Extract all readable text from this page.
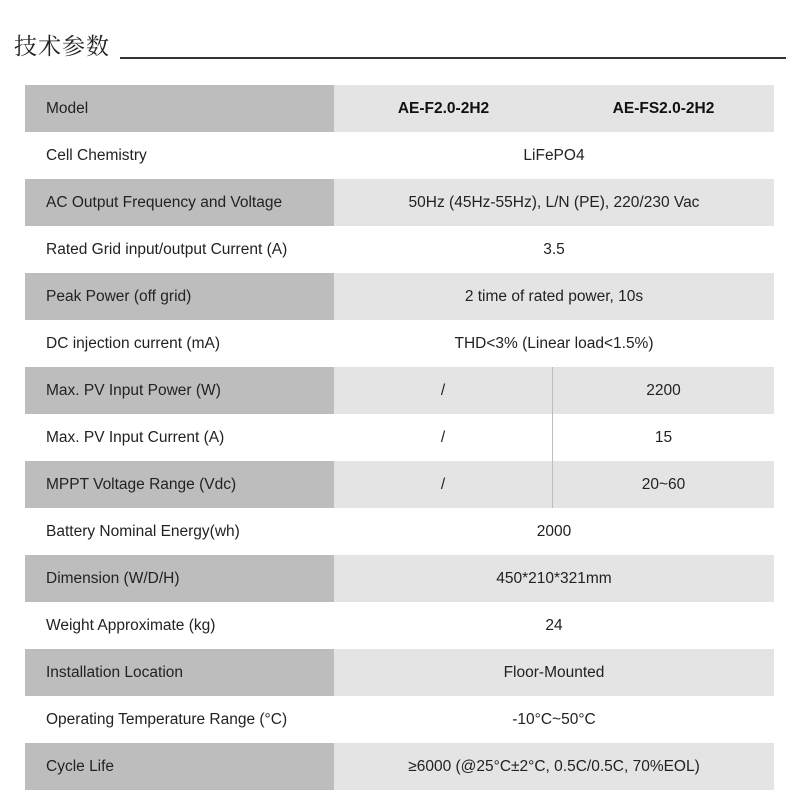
技术参数
Model	AE-F2.0-2H2	AE-FS2.0-2H2
Cell Chemistry	LiFePO4
AC Output Frequency and Voltage	50Hz (45Hz-55Hz), L/N (PE), 220/230 Vac
Rated Grid input/output Current (A)	3.5
Peak Power (off grid)	2 time of rated power, 10s
DC injection current (mA)	THD<3% (Linear load<1.5%)
Max. PV Input Power (W)	/	2200
Max. PV Input Current (A)	/	15
MPPT Voltage Range (Vdc)	/	20~60
Battery Nominal Energy(wh)	2000
Dimension (W/D/H)	450*210*321mm
Weight Approximate (kg)	24
Installation Location	Floor-Mounted
Operating Temperature Range (°C)	-10°C~50°C
Cycle Life	≥6000 (@25°C±2°C, 0.5C/0.5C, 70%EOL)
